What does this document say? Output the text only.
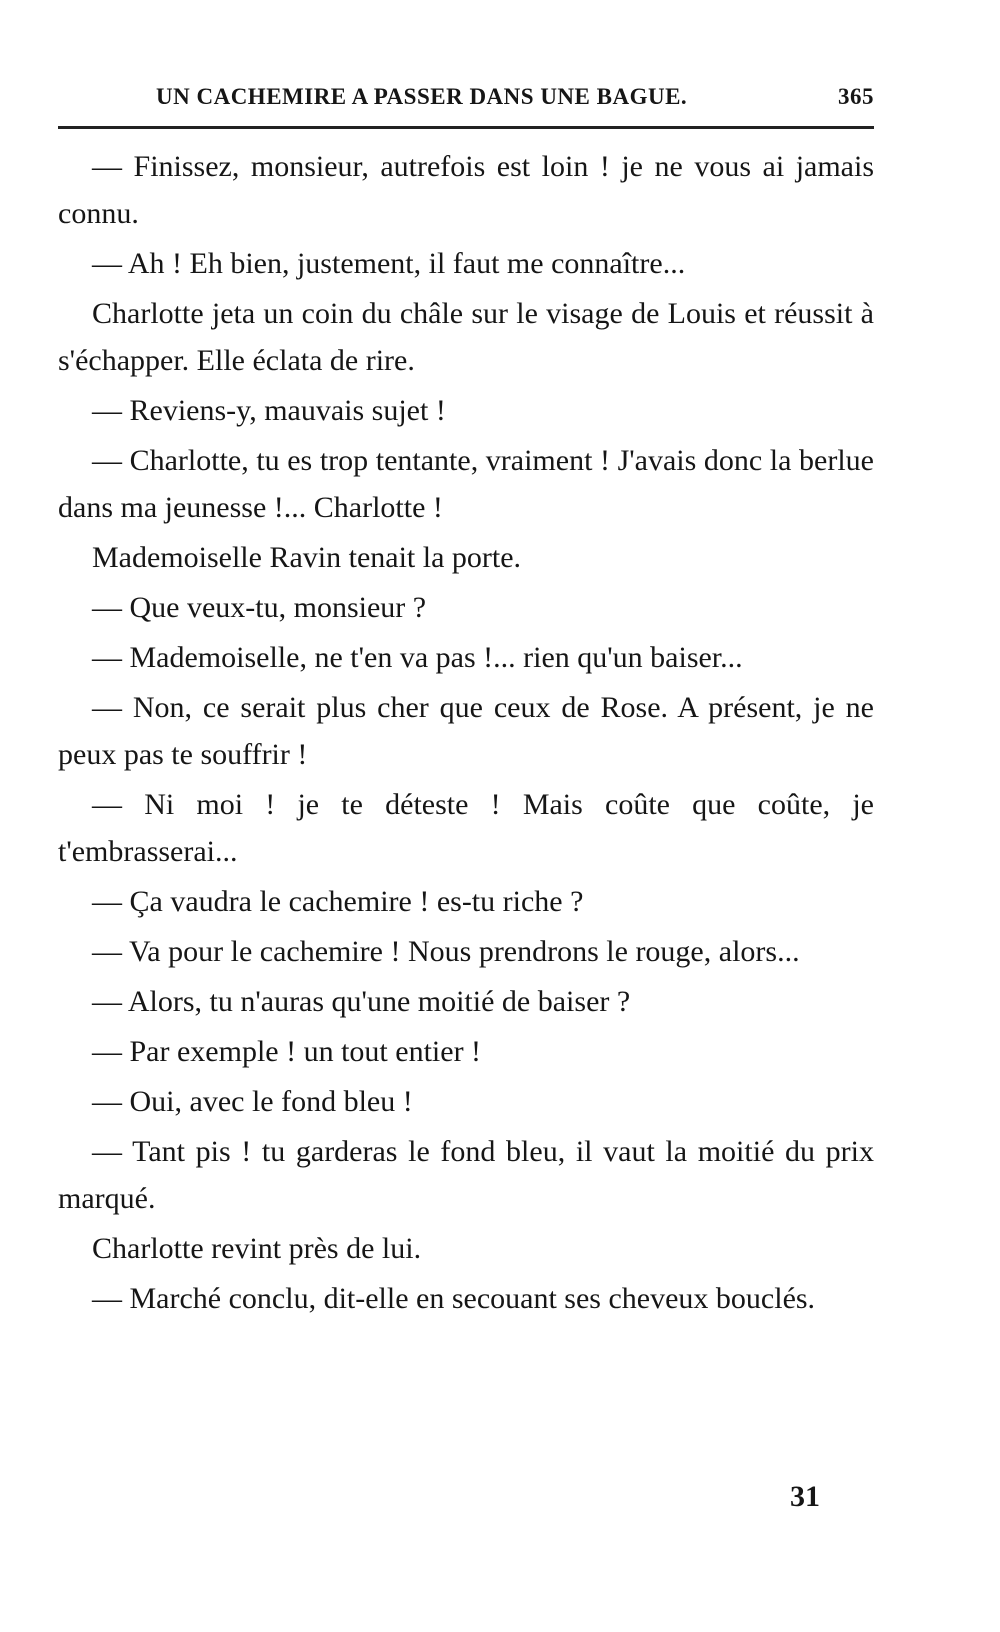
UN CACHEMIRE A PASSER DANS UNE BAGUE.	365

— Finissez, monsieur, autrefois est loin ! je ne vous ai jamais connu.

— Ah ! Eh bien, justement, il faut me connaître...

Charlotte jeta un coin du châle sur le visage de Louis et réussit à s'échapper. Elle éclata de rire.

— Reviens-y, mauvais sujet !

— Charlotte, tu es trop tentante, vraiment ! J'avais donc la berlue dans ma jeunesse !... Charlotte !

Mademoiselle Ravin tenait la porte.

— Que veux-tu, monsieur ?

— Mademoiselle, ne t'en va pas !... rien qu'un baiser...

— Non, ce serait plus cher que ceux de Rose. A présent, je ne peux pas te souffrir !

— Ni moi ! je te déteste ! Mais coûte que coûte, je t'embrasserai...

— Ça vaudra le cachemire ! es-tu riche ?

— Va pour le cachemire ! Nous prendrons le rouge, alors...

— Alors, tu n'auras qu'une moitié de baiser ?

— Par exemple ! un tout entier !

— Oui, avec le fond bleu !

— Tant pis ! tu garderas le fond bleu, il vaut la moitié du prix marqué.

Charlotte revint près de lui.

— Marché conclu, dit-elle en secouant ses cheveux bouclés.

31
